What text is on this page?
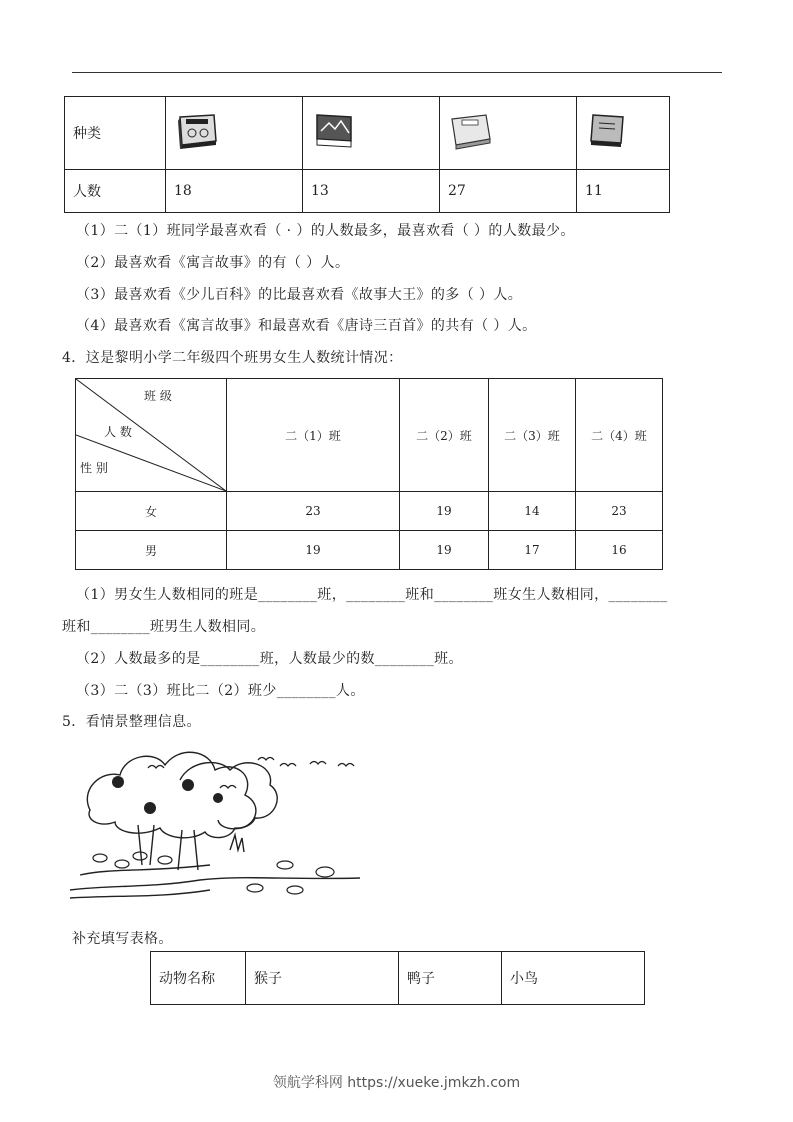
种类				
人数	18	13	27	11
（1）二（1）班同学最喜欢看（ · ）的人数最多，最喜欢看（ ）的人数最少。
（2）最喜欢看《寓言故事》的有（ ）人。
（3）最喜欢看《少儿百科》的比最喜欢看《故事大王》的多（ ）人。
（4）最喜欢看《寓言故事》和最喜欢看《唐诗三百首》的共有（ ）人。
4．这是黎明小学二年级四个班男女生人数统计情况：
班 级
人 数
性 别	二（1）班	二（2）班	二（3）班	二（4）班
女	23	19	14	23
男	19	19	17	16
（1）男女生人数相同的班是________班，________班和________班女生人数相同，________
班和________班男生人数相同。
（2）人数最多的是________班，人数最少的数________班。
（3）二（3）班比二（2）班少________人。
5．看情景整理信息。
补充填写表格。
动物名称	猴子	鸭子	小鸟
领航学科网 https://xueke.jmkzh.com
